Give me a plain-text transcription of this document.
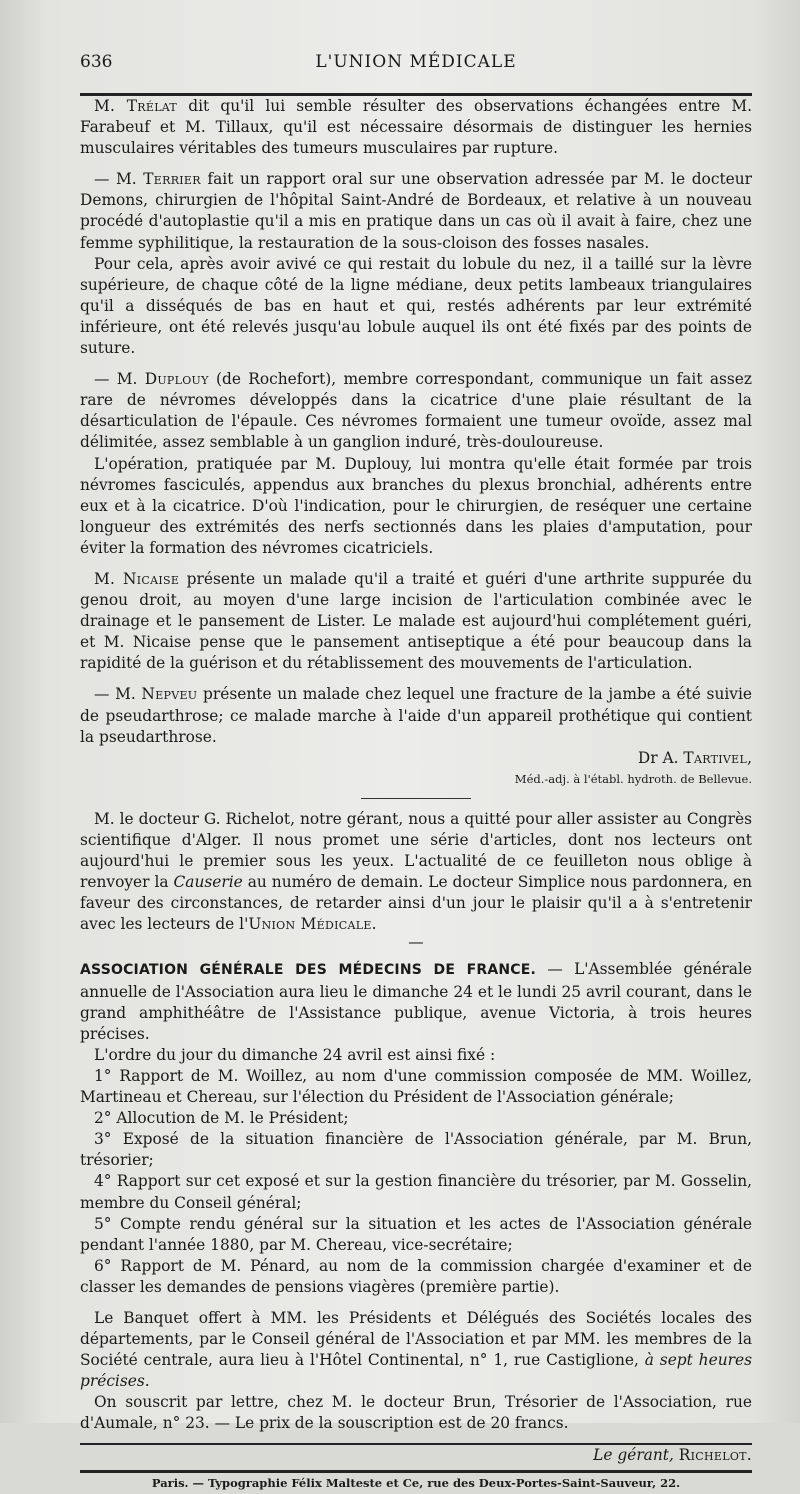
636	L'UNION MÉDICALE

M. Trélat dit qu'il lui semble résulter des observations échangées entre M. Farabeuf et M. Tillaux, qu'il est nécessaire désormais de distinguer les hernies musculaires véritables des tumeurs musculaires par rupture.

— M. Terrier fait un rapport oral sur une observation adressée par M. le docteur Demons, chirurgien de l'hôpital Saint-André de Bordeaux, et relative à un nouveau procédé d'autoplastie qu'il a mis en pratique dans un cas où il avait à faire, chez une femme syphilitique, la restauration de la sous-cloison des fosses nasales.

Pour cela, après avoir avivé ce qui restait du lobule du nez, il a taillé sur la lèvre supérieure, de chaque côté de la ligne médiane, deux petits lambeaux triangulaires qu'il a disséqués de bas en haut et qui, restés adhérents par leur extrémité inférieure, ont été relevés jusqu'au lobule auquel ils ont été fixés par des points de suture.

— M. Duplouy (de Rochefort), membre correspondant, communique un fait assez rare de névromes développés dans la cicatrice d'une plaie résultant de la désarticulation de l'épaule. Ces névromes formaient une tumeur ovoïde, assez mal délimitée, assez semblable à un ganglion induré, très-douloureuse.

L'opération, pratiquée par M. Duplouy, lui montra qu'elle était formée par trois névromes fasciculés, appendus aux branches du plexus bronchial, adhérents entre eux et à la cicatrice. D'où l'indication, pour le chirurgien, de reséquer une certaine longueur des extrémités des nerfs sectionnés dans les plaies d'amputation, pour éviter la formation des névromes cicatriciels.

M. Nicaise présente un malade qu'il a traité et guéri d'une arthrite suppurée du genou droit, au moyen d'une large incision de l'articulation combinée avec le drainage et le pansement de Lister. Le malade est aujourd'hui complétement guéri, et M. Nicaise pense que le pansement antiseptique a été pour beaucoup dans la rapidité de la guérison et du rétablissement des mouvements de l'articulation.

— M. Nepveu présente un malade chez lequel une fracture de la jambe a été suivie de pseudarthrose; ce malade marche à l'aide d'un appareil prothétique qui contient la pseudarthrose.

Dr A. Tartivel,

Méd.-adj. à l'établ. hydroth. de Bellevue.

M. le docteur G. Richelot, notre gérant, nous a quitté pour aller assister au Congrès scientifique d'Alger. Il nous promet une série d'articles, dont nos lecteurs ont aujourd'hui le premier sous les yeux. L'actualité de ce feuilleton nous oblige à renvoyer la Causerie au numéro de demain. Le docteur Simplice nous pardonnera, en faveur des circonstances, de retarder ainsi d'un jour le plaisir qu'il a à s'entretenir avec les lecteurs de l'Union Médicale.

—

ASSOCIATION GÉNÉRALE DES MÉDECINS DE FRANCE. — L'Assemblée générale annuelle de l'Association aura lieu le dimanche 24 et le lundi 25 avril courant, dans le grand amphithéâtre de l'Assistance publique, avenue Victoria, à trois heures précises.

L'ordre du jour du dimanche 24 avril est ainsi fixé :

1° Rapport de M. Woillez, au nom d'une commission composée de MM. Woillez, Martineau et Chereau, sur l'élection du Président de l'Association générale;

2° Allocution de M. le Président;

3° Exposé de la situation financière de l'Association générale, par M. Brun, trésorier;

4° Rapport sur cet exposé et sur la gestion financière du trésorier, par M. Gosselin, membre du Conseil général;

5° Compte rendu général sur la situation et les actes de l'Association générale pendant l'année 1880, par M. Chereau, vice-secrétaire;

6° Rapport de M. Pénard, au nom de la commission chargée d'examiner et de classer les demandes de pensions viagères (première partie).

Le Banquet offert à MM. les Présidents et Délégués des Sociétés locales des départements, par le Conseil général de l'Association et par MM. les membres de la Société centrale, aura lieu à l'Hôtel Continental, n° 1, rue Castiglione, à sept heures précises.

On souscrit par lettre, chez M. le docteur Brun, Trésorier de l'Association, rue d'Aumale, n° 23. — Le prix de la souscription est de 20 francs.

Le gérant, Richelot.

Paris. — Typographie Félix Malteste et Ce, rue des Deux-Portes-Saint-Sauveur, 22.
